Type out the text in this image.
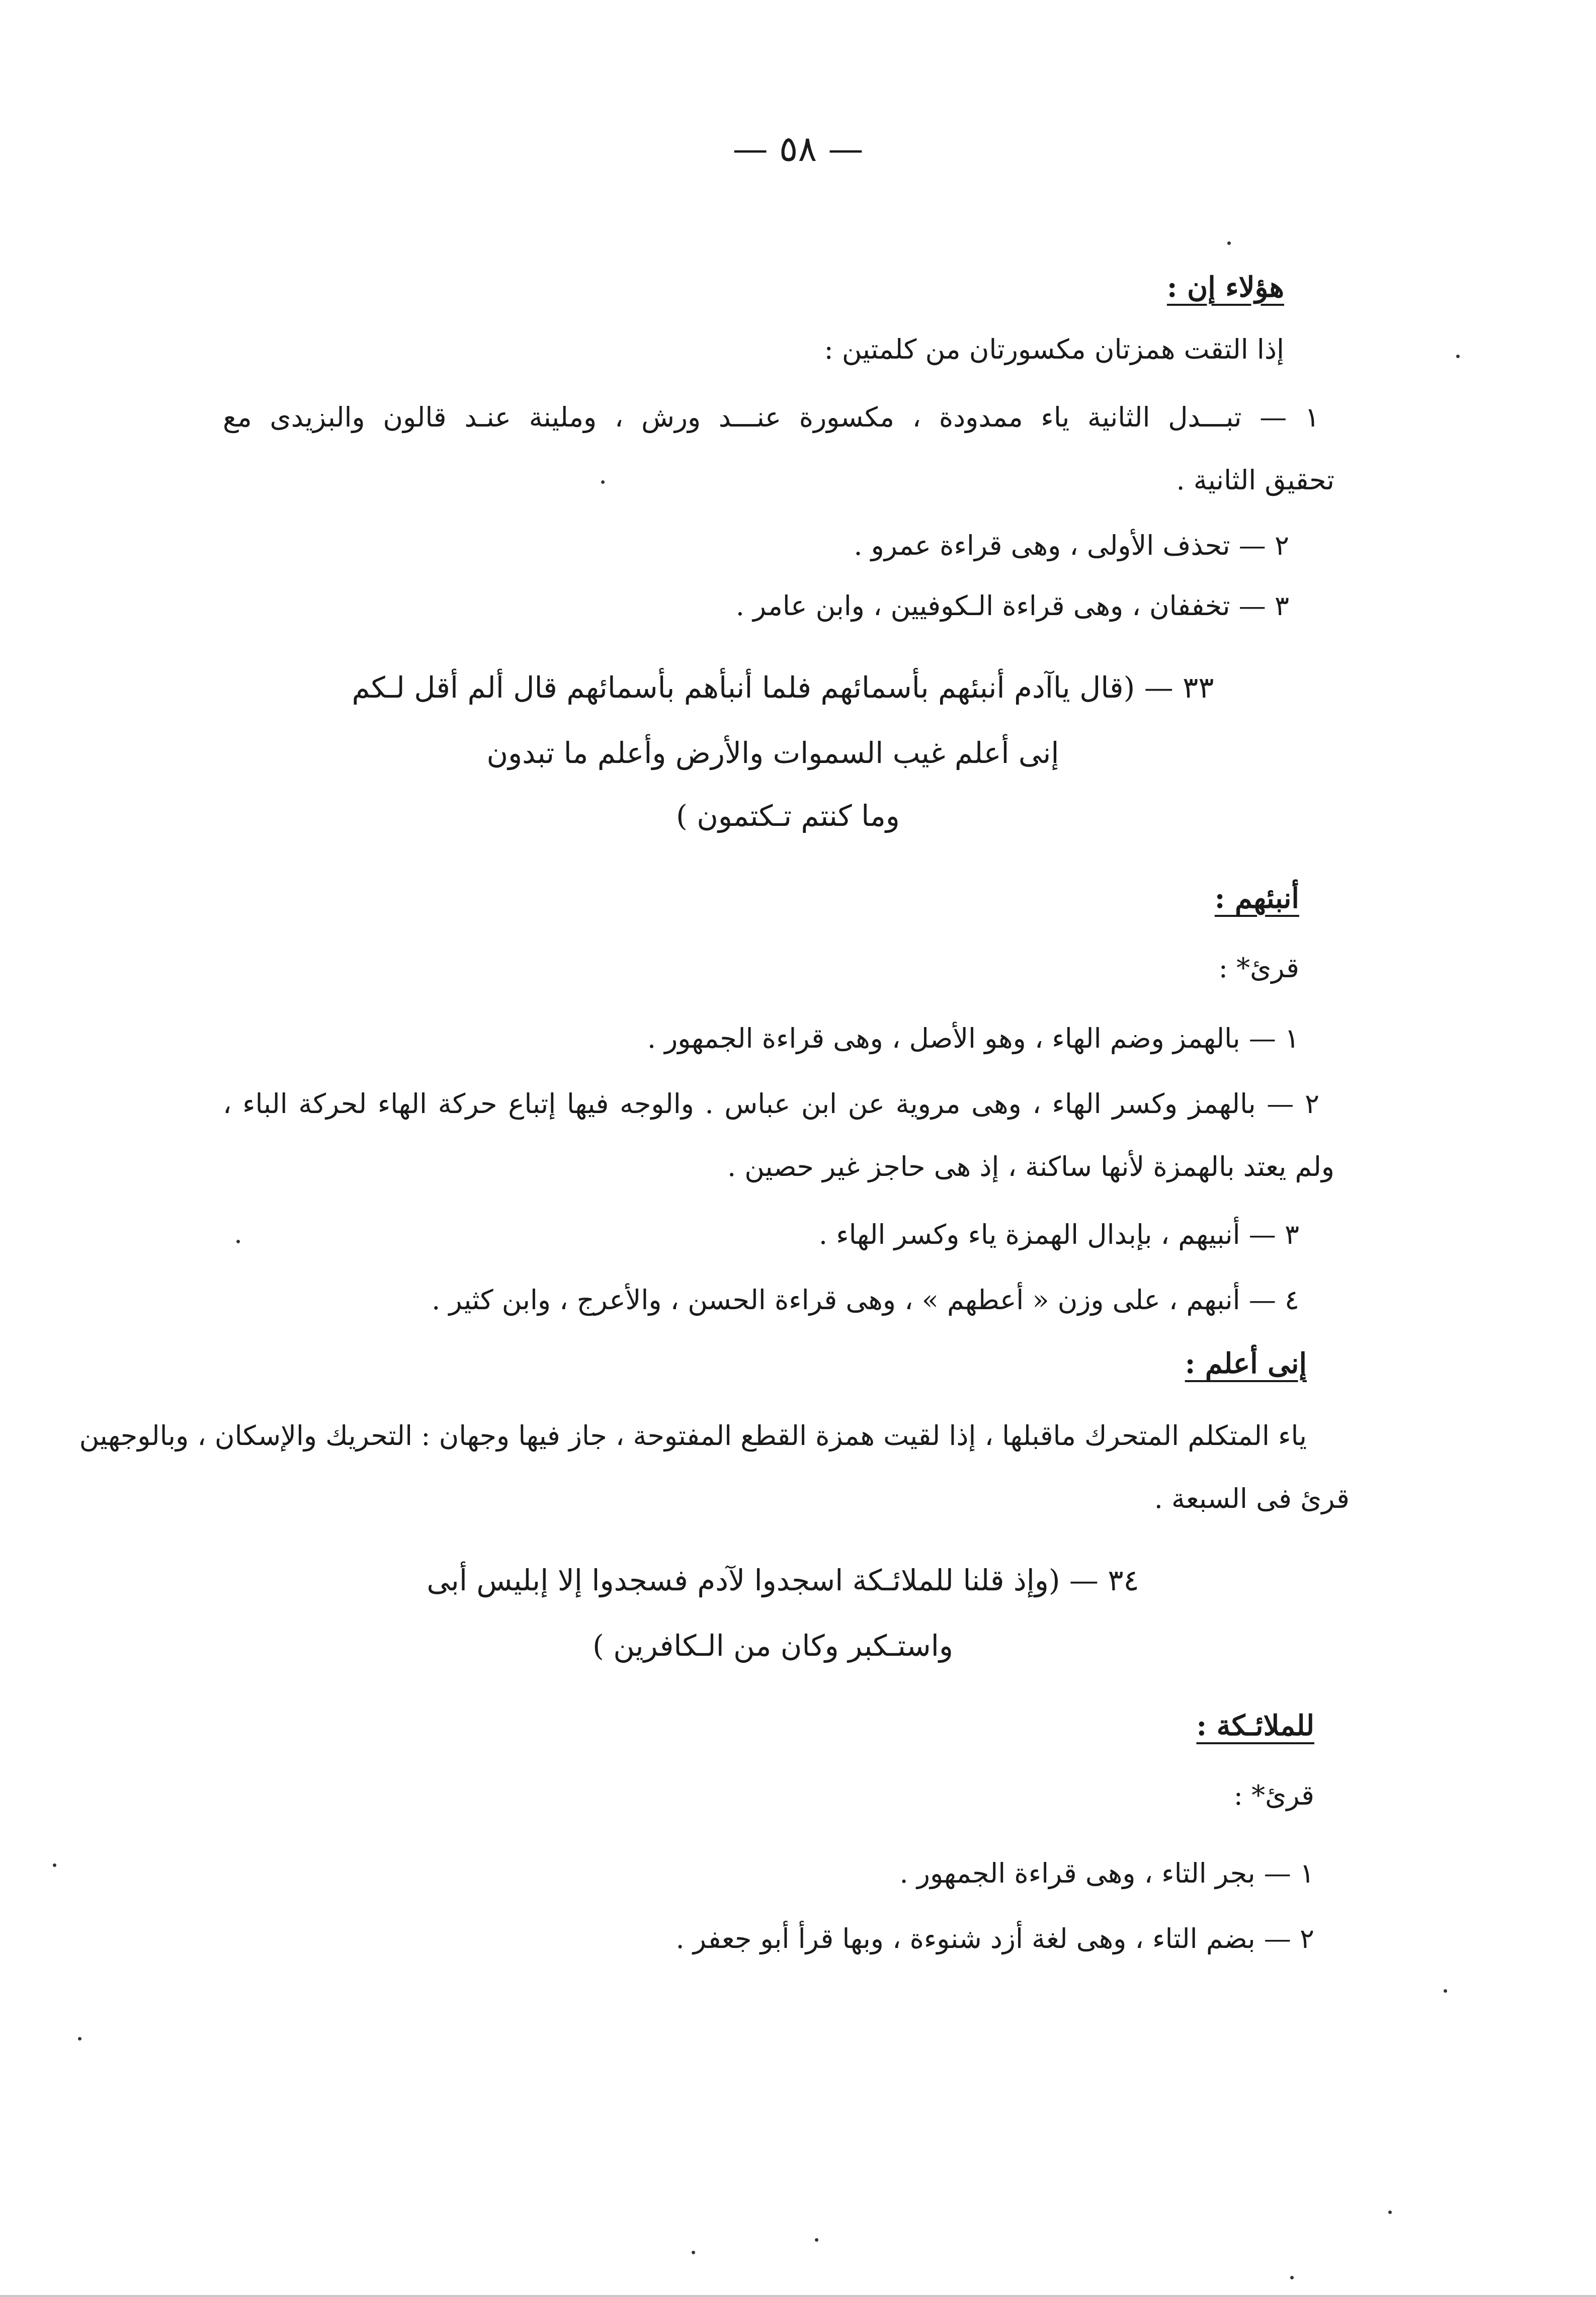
— ٥٨ —
هؤلاء إن :
إذا التقت همزتان مكسورتان من كلمتين :
١ — تبـــدل الثانية ياء ممدودة ، مكسورة عنـــد ورش ، وملينة عنـد قالون والبزيدى مع
تحقيق الثانية .
٢ — تحذف الأولى ، وهى قراءة عمرو .
٣ — تخففان ، وهى قراءة الـكوفيين ، وابن عامر .
٣٣ — (قال ياآدم أنبئهم بأسمائهم فلما أنبأهم بأسمائهم قال ألم أقل لـكم
إنى أعلم غيب السموات والأرض وأعلم ما تبدون
وما كنتم تـكتمون )
أنبئهم :
قرئ* :
١ — بالهمز وضم الهاء ، وهو الأصل ، وهى قراءة الجمهور .
٢ — بالهمز وكسر الهاء ، وهى مروية عن ابن عباس . والوجه فيها إتباع حركة الهاء لحركة الباء ،
ولم يعتد بالهمزة لأنها ساكنة ، إذ هى حاجز غير حصين .
٣ — أنبيهم ، بإبدال الهمزة ياء وكسر الهاء .
٤ — أنبهم ، على وزن « أعطهم » ، وهى قراءة الحسن ، والأعرج ، وابن كثير .
إنى أعلم :
ياء المتكلم المتحرك ماقبلها ، إذا لقيت همزة القطع المفتوحة ، جاز فيها وجهان : التحريك والإسكان ، وبالوجهين
قرئ فى السبعة .
٣٤ — (وإذ قلنا للملائـكة اسجدوا لآدم فسجدوا إلا إبليس أبى
واستـكبر وكان من الـكافرين )
للملائـكة :
قرئ* :
١ — بجر التاء ، وهى قراءة الجمهور .
٢ — بضم التاء ، وهى لغة أزد شنوءة ، وبها قرأ أبو جعفر .
